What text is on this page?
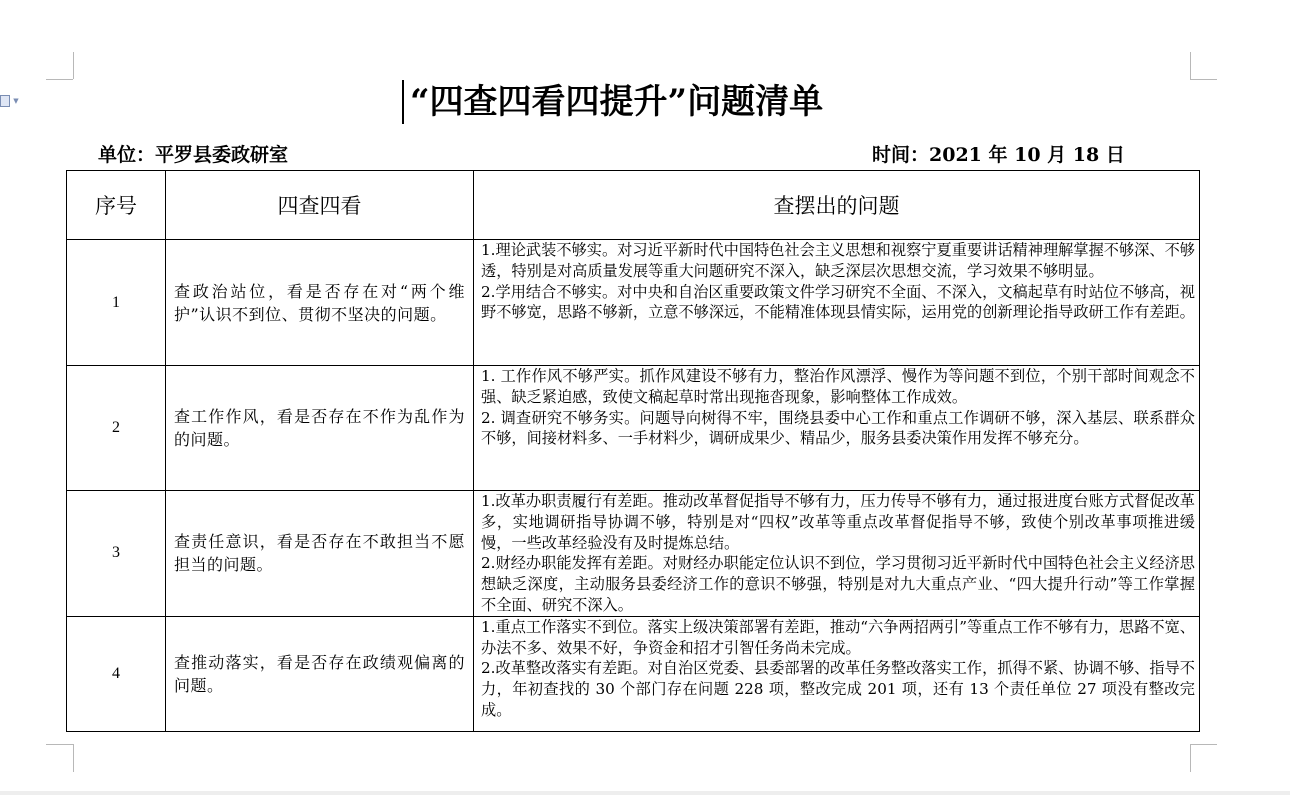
▼	“四查四看四提升”问题清单
单位：平罗县委政研室	时间：2021 年 10 月 18 日
序号	四查四看	查摆出的问题
1	查政治站位，看是否存在对“两个维护”认识不到位、贯彻不坚决的问题。	1.理论武装不够实。对习近平新时代中国特色社会主义思想和视察宁夏重要讲话精神理解掌握不够深、不够透，特别是对高质量发展等重大问题研究不深入，缺乏深层次思想交流，学习效果不够明显。

2.学用结合不够实。对中央和自治区重要政策文件学习研究不全面、不深入，文稿起草有时站位不够高，视野不够宽，思路不够新，立意不够深远，不能精准体现县情实际，运用党的创新理论指导政研工作有差距。

2	查工作作风，看是否存在不作为乱作为的问题。	1. 工作作风不够严实。抓作风建设不够有力，整治作风漂浮、慢作为等问题不到位，个别干部时间观念不强、缺乏紧迫感，致使文稿起草时常出现拖沓现象，影响整体工作成效。

2. 调查研究不够务实。问题导向树得不牢，围绕县委中心工作和重点工作调研不够，深入基层、联系群众不够，间接材料多、一手材料少，调研成果少、精品少，服务县委决策作用发挥不够充分。

3	查责任意识，看是否存在不敢担当不愿担当的问题。	1.改革办职责履行有差距。推动改革督促指导不够有力，压力传导不够有力，通过报进度台账方式督促改革多，实地调研指导协调不够，特别是对“四权”改革等重点改革督促指导不够，致使个别改革事项推进缓慢，一些改革经验没有及时提炼总结。

2.财经办职能发挥有差距。对财经办职能定位认识不到位，学习贯彻习近平新时代中国特色社会主义经济思想缺乏深度，主动服务县委经济工作的意识不够强，特别是对九大重点产业、“四大提升行动”等工作掌握不全面、研究不深入。

4	查推动落实，看是否存在政绩观偏离的问题。	1.重点工作落实不到位。落实上级决策部署有差距，推动“六争两招两引”等重点工作不够有力，思路不宽、办法不多、效果不好，争资金和招才引智任务尚未完成。

2.改革整改落实有差距。对自治区党委、县委部署的改革任务整改落实工作，抓得不紧、协调不够、指导不力，年初查找的 30 个部门存在问题 228 项，整改完成 201 项，还有 13 个责任单位 27 项没有整改完成。
